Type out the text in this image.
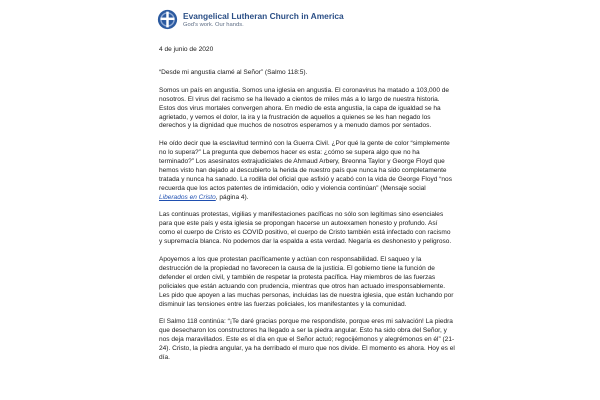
Evangelical Lutheran Church in America
God's work. Our hands.
4 de junio de 2020

“Desde mi angustia clamé al Señor” (Salmo 118:5).

Somos un país en angustia. Somos una iglesia en angustia. El coronavirus ha matado a 103,000 de nosotros. El virus del racismo se ha llevado a cientos de miles más a lo largo de nuestra historia. Estos dos virus mortales convergen ahora. En medio de esta angustia, la capa de igualdad se ha agrietado, y vemos el dolor, la ira y la frustración de aquellos a quienes se les han negado los derechos y la dignidad que muchos de nosotros esperamos y a menudo damos por sentados.

He oído decir que la esclavitud terminó con la Guerra Civil. ¿Por qué la gente de color “simplemente no lo supera?” La pregunta que debemos hacer es esta: ¿cómo se supera algo que no ha terminado?” Los asesinatos extrajudiciales de Ahmaud Arbery, Breonna Taylor y George Floyd que hemos visto han dejado al descubierto la herida de nuestro país que nunca ha sido completamente tratada y nunca ha sanado. La rodilla del oficial que asfixió y acabó con la vida de George Floyd “nos recuerda que los actos patentes de intimidación, odio y violencia continúan” (Mensaje social Liberados en Cristo, página 4).

Las continuas protestas, vigilias y manifestaciones pacíficas no sólo son legítimas sino esenciales para que este país y esta iglesia se propongan hacerse un autoexamen honesto y profundo. Así como el cuerpo de Cristo es COVID positivo, el cuerpo de Cristo también está infectado con racismo y supremacía blanca. No podemos dar la espalda a esta verdad. Negaría es deshonesto y peligroso.

Apoyemos a los que protestan pacíficamente y actúan con responsabilidad. El saqueo y la destrucción de la propiedad no favorecen la causa de la justicia. El gobierno tiene la función de defender el orden civil, y también de respetar la protesta pacífica. Hay miembros de las fuerzas policiales que están actuando con prudencia, mientras que otros han actuado irresponsablemente. Les pido que apoyen a las muchas personas, incluidas las de nuestra iglesia, que están luchando por disminuir las tensiones entre las fuerzas policiales, los manifestantes y la comunidad.

El Salmo 118 continúa: “¡Te daré gracias porque me respondiste, porque eres mi salvación! La piedra que desecharon los constructores ha llegado a ser la piedra angular. Esto ha sido obra del Señor, y nos deja maravillados. Este es el día en que el Señor actuó; regocijémonos y alegrémonos en él” (21-24). Cristo, la piedra angular, ya ha derribado el muro que nos divide. El momento es ahora. Hoy es el día.
